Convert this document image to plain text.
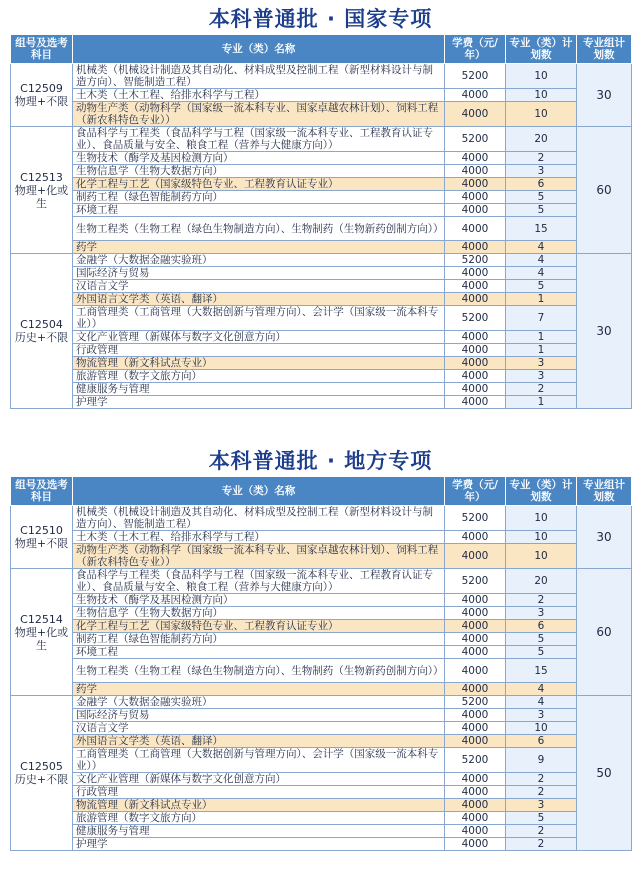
本科普通批 · 国家专项
组号及选考科目	专业（类）名称	学费（元/年）	专业（类）计划数	专业组计划数

C12509
物理+不限	机械类（机械设计制造及其自动化、材料成型及控制工程（新型材料设计与制造方向）、智能制造工程）	5200	10	30
	土木类（土木工程、给排水科学与工程）	4000	10	
	动物生产类（动物科学（国家级一流本科专业、国家卓越农林计划）、饲料工程（新农科特色专业））	4000	10	

C12513
物理+化或生	食品科学与工程类（食品科学与工程（国家级一流本科专业、工程教育认证专业）、食品质量与安全、粮食工程（营养与大健康方向））	5200	20	60
	生物技术（酶学及基因检测方向）	4000	2	
	生物信息学（生物大数据方向）	4000	3	
	化学工程与工艺（国家级特色专业、工程教育认证专业）	4000	6	
	制药工程（绿色智能制药方向）	4000	5	
	环境工程	4000	5	
	生物工程类（生物工程（绿色生物制造方向）、生物制药（生物新药创制方向））	4000	15	
	药学	4000	4	

C12504
历史+不限	金融学（大数据金融实验班）	5200	4	30
	国际经济与贸易	4000	4	
	汉语言文学	4000	5	
	外国语言文学类（英语、翻译）	4000	1	
	工商管理类（工商管理（大数据创新与管理方向）、会计学（国家级一流本科专业））	5200	7	
	文化产业管理（新媒体与数字文化创意方向）	4000	1	
	行政管理	4000	1	
	物流管理（新文科试点专业）	4000	3	
	旅游管理（数字文旅方向）	4000	3	
	健康服务与管理	4000	2	
	护理学	4000	1	
本科普通批 · 地方专项
组号及选考科目	专业（类）名称	学费（元/年）	专业（类）计划数	专业组计划数

C12510
物理+不限	机械类（机械设计制造及其自动化、材料成型及控制工程（新型材料设计与制造方向）、智能制造工程）	5200	10	30
	土木类（土木工程、给排水科学与工程）	4000	10	
	动物生产类（动物科学（国家级一流本科专业、国家卓越农林计划）、饲料工程（新农科特色专业））	4000	10	

C12514
物理+化或生	食品科学与工程类（食品科学与工程（国家级一流本科专业、工程教育认证专业）、食品质量与安全、粮食工程（营养与大健康方向））	5200	20	60
	生物技术（酶学及基因检测方向）	4000	2	
	生物信息学（生物大数据方向）	4000	3	
	化学工程与工艺（国家级特色专业、工程教育认证专业）	4000	6	
	制药工程（绿色智能制药方向）	4000	5	
	环境工程	4000	5	
	生物工程类（生物工程（绿色生物制造方向）、生物制药（生物新药创制方向））	4000	15	
	药学	4000	4	

C12505
历史+不限	金融学（大数据金融实验班）	5200	4	50
	国际经济与贸易	4000	3	
	汉语言文学	4000	10	
	外国语言文学类（英语、翻译）	4000	6	
	工商管理类（工商管理（大数据创新与管理方向）、会计学（国家级一流本科专业））	5200	9	
	文化产业管理（新媒体与数字文化创意方向）	4000	2	
	行政管理	4000	2	
	物流管理（新文科试点专业）	4000	3	
	旅游管理（数字文旅方向）	4000	5	
	健康服务与管理	4000	2	
	护理学	4000	2	
